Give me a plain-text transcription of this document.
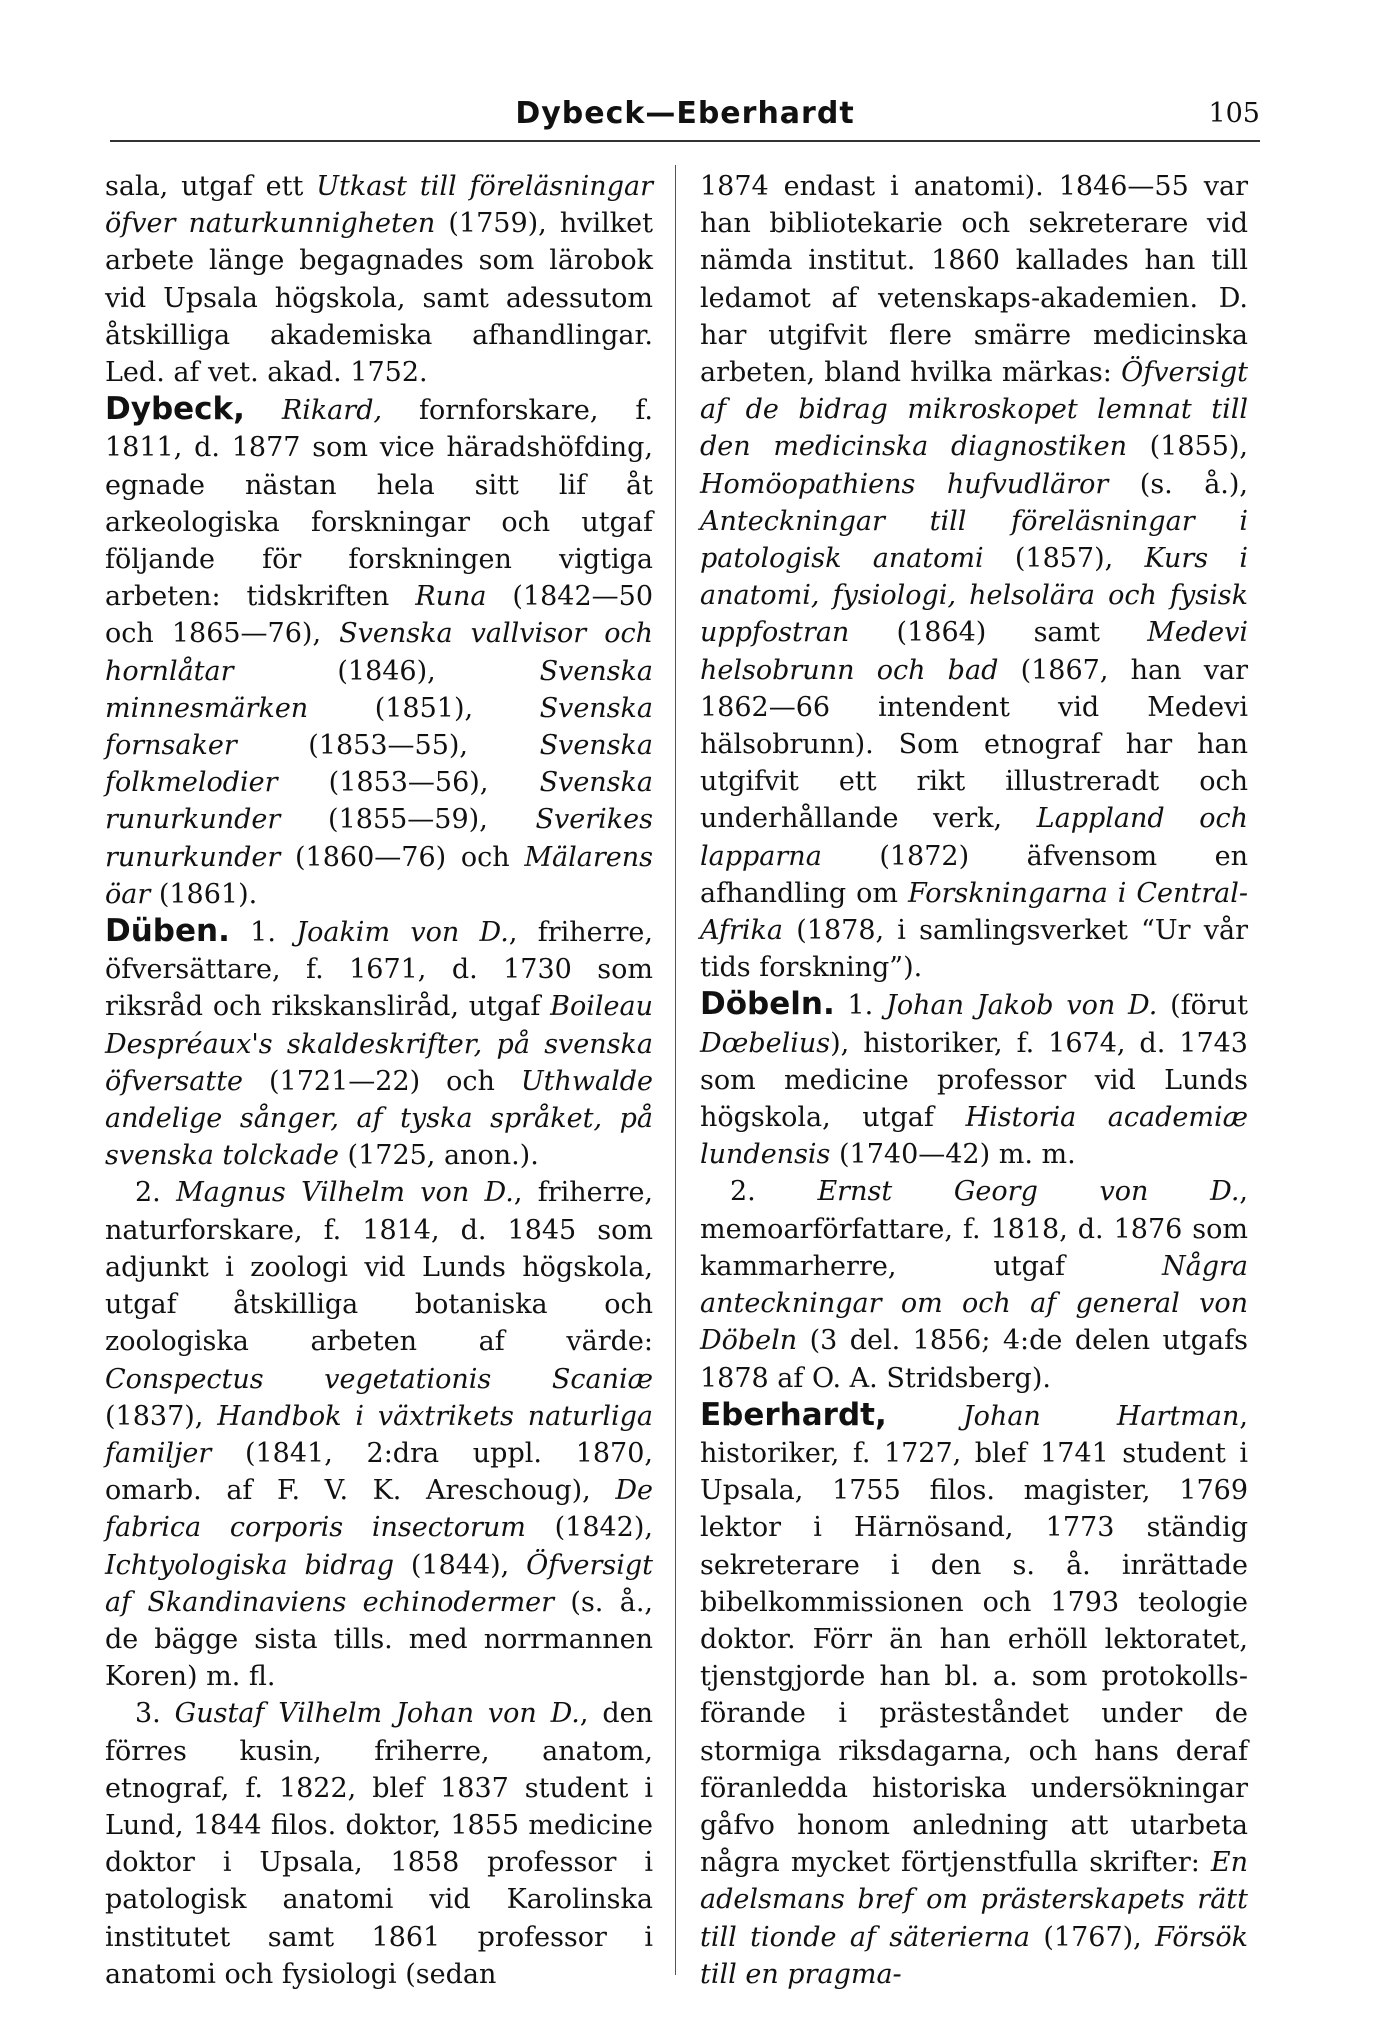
Dybeck—Eberhardt	105

sala, utgaf ett Utkast till föreläsningar öfver naturkunnigheten (1759), hvilket arbete länge begagnades som lärobok vid Upsala högskola, samt adessutom åtskilliga akademiska afhandlingar. Led. af vet. akad. 1752.

Dybeck, Rikard, fornforskare, f. 1811, d. 1877 som vice häradshöfding, egnade nästan hela sitt lif åt arkeologiska forskningar och utgaf följande för forskningen vigtiga arbeten: tidskriften Runa (1842—50 och 1865—76), Svenska vallvisor och hornlåtar (1846), Svenska minnesmärken (1851), Svenska fornsaker (1853—55), Svenska folkmelodier (1853—56), Svenska runurkunder (1855—59), Sverikes runurkunder (1860—76) och Mälarens öar (1861).

Düben. 1. Joakim von D., friherre, öfversättare, f. 1671, d. 1730 som riksråd och rikskansliråd, utgaf Boileau Despréaux's skaldeskrifter, på svenska öfversatte (1721—22) och Uthwalde andelige sånger, af tyska språket, på svenska tolckade (1725, anon.).

2. Magnus Vilhelm von D., friherre, naturforskare, f. 1814, d. 1845 som adjunkt i zoologi vid Lunds högskola, utgaf åtskilliga botaniska och zoologiska arbeten af värde: Conspectus vegetationis Scaniæ (1837), Handbok i växtrikets naturliga familjer (1841, 2:dra uppl. 1870, omarb. af F. V. K. Areschoug), De fabrica corporis insectorum (1842), Ichtyologiska bidrag (1844), Öfversigt af Skandinaviens echinodermer (s. å., de bägge sista tills. med norrmannen Koren) m. fl.

3. Gustaf Vilhelm Johan von D., den förres kusin, friherre, anatom, etnograf, f. 1822, blef 1837 student i Lund, 1844 filos. doktor, 1855 medicine doktor i Upsala, 1858 professor i patologisk anatomi vid Karolinska institutet samt 1861 professor i anatomi och fysiologi (sedan

1874 endast i anatomi). 1846—55 var han bibliotekarie och sekreterare vid nämda institut. 1860 kallades han till ledamot af vetenskaps-akademien. D. har utgifvit flere smärre medicinska arbeten, bland hvilka märkas: Öfversigt af de bidrag mikroskopet lemnat till den medicinska diagnostiken (1855), Homöopathiens hufvudläror (s. å.), Anteckningar till föreläsningar i patologisk anatomi (1857), Kurs i anatomi, fysiologi, helsolära och fysisk uppfostran (1864) samt Medevi helsobrunn och bad (1867, han var 1862—66 intendent vid Medevi hälsobrunn). Som etnograf har han utgifvit ett rikt illustreradt och underhållande verk, Lappland och lapparna (1872) äfvensom en afhandling om Forskningarna i Central-Afrika (1878, i samlingsverket “Ur vår tids forskning”).

Döbeln. 1. Johan Jakob von D. (förut Dœbelius), historiker, f. 1674, d. 1743 som medicine professor vid Lunds högskola, utgaf Historia academiæ lundensis (1740—42) m. m.

2. Ernst Georg von D., memoarförfattare, f. 1818, d. 1876 som kammarherre, utgaf Några anteckningar om och af general von Döbeln (3 del. 1856; 4:de delen utgafs 1878 af O. A. Stridsberg).

Eberhardt,	Johan Hartman, historiker, f. 1727, blef 1741 student i Upsala, 1755 filos. magister, 1769 lektor i Härnösand, 1773 ständig sekreterare i den s. å. inrättade bibelkommissionen och 1793 teologie doktor. Förr än han erhöll lektoratet, tjenstgjorde han bl. a. som protokolls-förande i prästeståndet under de stormiga riksdagarna, och hans deraf föranledda historiska undersökningar gåfvo honom anledning att utarbeta några mycket förtjenstfulla skrifter: En adelsmans bref om prästerskapets rätt till tionde af säterierna (1767), Försök till en pragma-
